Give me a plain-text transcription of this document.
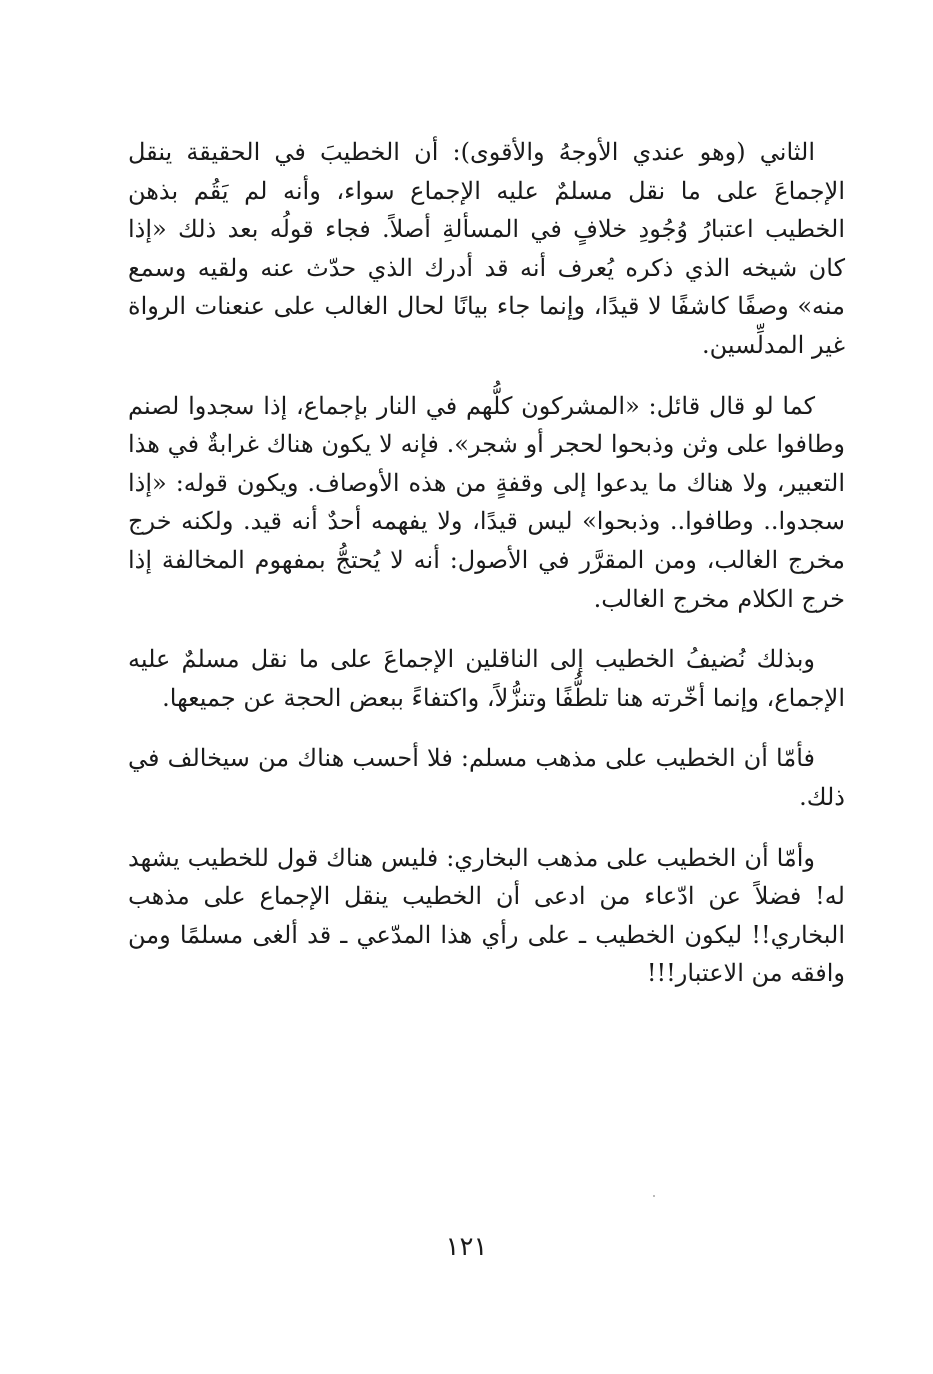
الثاني (وهو عندي الأوجهُ والأقوى): أن الخطيبَ في الحقيقة ينقل الإجماعَ على ما نقل مسلمٌ عليه الإجماع سواء، وأنه لم يَقُم بذهن الخطيب اعتبارُ وُجُودِ خلافٍ في المسألةِ أصلاً. فجاء قولُه بعد ذلك «إذا كان شيخه الذي ذكره يُعرف أنه قد أدرك الذي حدّث عنه ولقيه وسمع منه» وصفًا كاشفًا لا قيدًا، وإنما جاء بيانًا لحال الغالب على عنعنات الرواة غير المدلِّسين.

كما لو قال قائل: «المشركون كلُّهم في النار بإجماع، إذا سجدوا لصنم وطافوا على وثن وذبحوا لحجر أو شجر». فإنه لا يكون هناك غرابةٌ في هذا التعبير، ولا هناك ما يدعوا إلى وقفةٍ من هذه الأوصاف. ويكون قوله: «إذا سجدوا.. وطافوا.. وذبحوا» ليس قيدًا، ولا يفهمه أحدٌ أنه قيد. ولكنه خرج مخرج الغالب، ومن المقرَّر في الأصول: أنه لا يُحتجُّ بمفهوم المخالفة إذا خرج الكلام مخرج الغالب.

وبذلك نُضيفُ الخطيب إلى الناقلين الإجماعَ على ما نقل مسلمٌ عليه الإجماع، وإنما أخّرته هنا تلطُّفًا وتنزُّلاً، واكتفاءً ببعض الحجة عن جميعها.

فأمّا أن الخطيب على مذهب مسلم: فلا أحسب هناك من سيخالف في ذلك.

وأمّا أن الخطيب على مذهب البخاري: فليس هناك قول للخطيب يشهد له! فضلاً عن ادّعاء من ادعى أن الخطيب ينقل الإجماع على مذهب البخاري!! ليكون الخطيب ـ على رأي هذا المدّعي ـ قد ألغى مسلمًا ومن وافقه من الاعتبار!!!

١٢١
